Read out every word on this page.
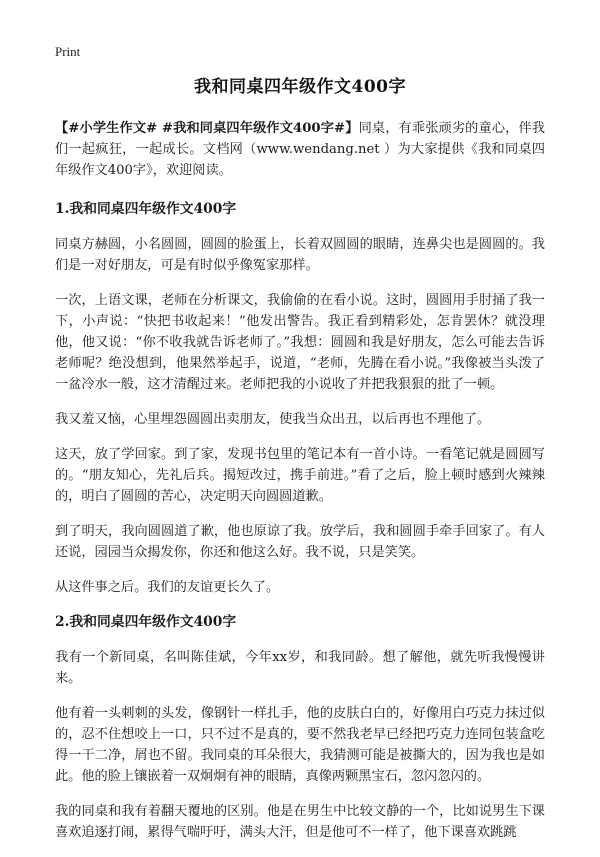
Print
我和同桌四年级作文400字

【#小学生作文# #我和同桌四年级作文400字#】同桌，有乖张顽劣的童心，伴我们一起疯狂，一起成长。文档网（www.wendang.net ）为大家提供《我和同桌四年级作文400字》，欢迎阅读。

1.我和同桌四年级作文400字

同桌方赫圆，小名圆圆，圆圆的脸蛋上，长着双圆圆的眼睛，连鼻尖也是圆圆的。我们是一对好朋友，可是有时似乎像冤家那样。

一次，上语文课，老师在分析课文，我偷偷的在看小说。这时，圆圆用手肘捅了我一下，小声说：“快把书收起来！”他发出警告。我正看到精彩处，怎肯罢休？就没理他，他又说：“你不收我就告诉老师了。”我想：圆圆和我是好朋友，怎么可能去告诉老师呢？绝没想到，他果然举起手，说道，“老师，先腾在看小说。”我像被当头泼了一盆冷水一般，这才清醒过来。老师把我的小说收了并把我狠狠的批了一顿。

我又羞又恼，心里埋怨圆圆出卖朋友，使我当众出丑，以后再也不理他了。

这天，放了学回家。到了家，发现书包里的笔记本有一首小诗。一看笔记就是圆圆写的。“朋友知心，先礼后兵。揭短改过，携手前进。”看了之后，脸上顿时感到火辣辣的，明白了圆圆的苦心，决定明天向圆圆道歉。

到了明天，我向圆圆道了歉，他也原谅了我。放学后，我和圆圆手牵手回家了。有人还说，园园当众揭发你，你还和他这么好。我不说，只是笑笑。

从这件事之后。我们的友谊更长久了。

2.我和同桌四年级作文400字

我有一个新同桌，名叫陈佳斌，今年xx岁，和我同龄。想了解他，就先听我慢慢讲来。

他有着一头刺刺的头发，像钢针一样扎手，他的皮肤白白的，好像用白巧克力抹过似的，忍不住想咬上一口，只不过不是真的，要不然我老早已经把巧克力连同包装盒吃得一干二净，屑也不留。我同桌的耳朵很大，我猜测可能是被撕大的，因为我也是如此。他的脸上镶嵌着一双炯炯有神的眼睛，真像两颗黑宝石，忽闪忽闪的。

我的同桌和我有着翻天覆地的区别。他是在男生中比较文静的一个，比如说男生下课喜欢追逐打闹，累得气喘吁吁，满头大汗，但是他可不一样了，他下课喜欢跳跳
